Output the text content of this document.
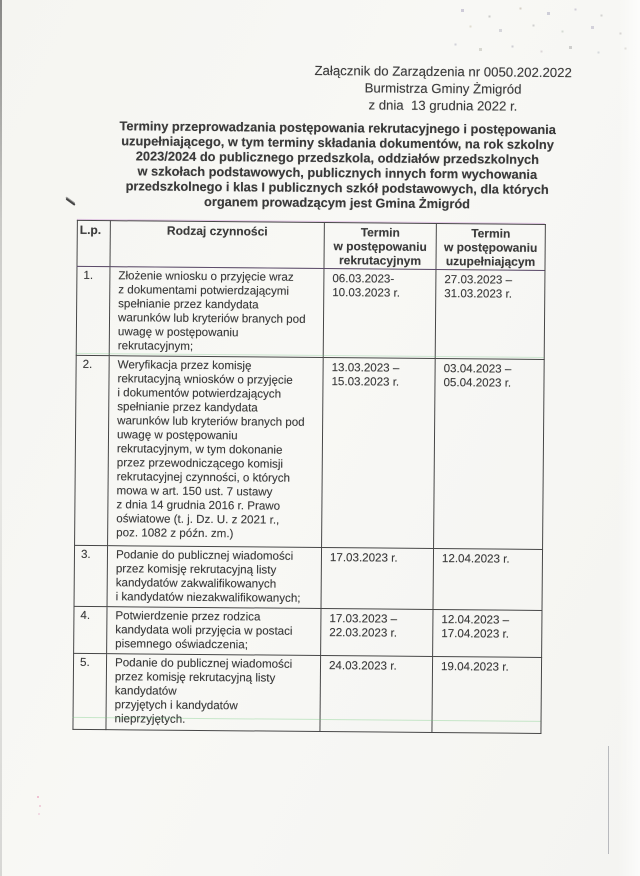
Załącznik do Zarządzenia nr 0050.202.2022
Burmistrza Gminy Żmigród
z dnia  13 grudnia 2022 r.
Terminy przeprowadzania postępowania rekrutacyjnego i postępowania
uzupełniającego, w tym terminy składania dokumentów, na rok szkolny
2023/2024 do publicznego przedszkola, oddziałów przedszkolnych
w szkołach podstawowych, publicznych innych form wychowania
przedszkolnego i klas I publicznych szkół podstawowych, dla których
organem prowadzącym jest Gmina Żmigród
L.p.	Rodzaj czynności	Termin
w postępowaniu
rekrutacyjnym	Termin
w postępowaniu
uzupełniającym
1.	Złożenie wniosku o przyjęcie wraz
z dokumentami potwierdzającymi
spełnianie przez kandydata
warunków lub kryteriów branych pod
uwagę w postępowaniu
rekrutacyjnym;	06.03.2023-
10.03.2023 r.	27.03.2023 –
31.03.2023 r.
2.	Weryfikacja przez komisję
rekrutacyjną wniosków o przyjęcie
i dokumentów potwierdzających
spełnianie przez kandydata
warunków lub kryteriów branych pod
uwagę w postępowaniu
rekrutacyjnym, w tym dokonanie
przez przewodniczącego komisji
rekrutacyjnej czynności, o których
mowa w art. 150 ust. 7 ustawy
z dnia 14 grudnia 2016 r. Prawo
oświatowe (t. j. Dz. U. z 2021 r.,
poz. 1082 z późn. zm.)	13.03.2023 –
15.03.2023 r.	03.04.2023 –
05.04.2023 r.
3.	Podanie do publicznej wiadomości
przez komisję rekrutacyjną listy
kandydatów zakwalifikowanych
i kandydatów niezakwalifikowanych;	17.03.2023 r.	12.04.2023 r.
4.	Potwierdzenie przez rodzica
kandydata woli przyjęcia w postaci
pisemnego oświadczenia;	17.03.2023 –
22.03.2023 r.	12.04.2023 –
17.04.2023 r.
5.	Podanie do publicznej wiadomości
przez komisję rekrutacyjną listy
kandydatów
przyjętych i kandydatów
nieprzyjętych.	24.03.2023 r.	19.04.2023 r.
